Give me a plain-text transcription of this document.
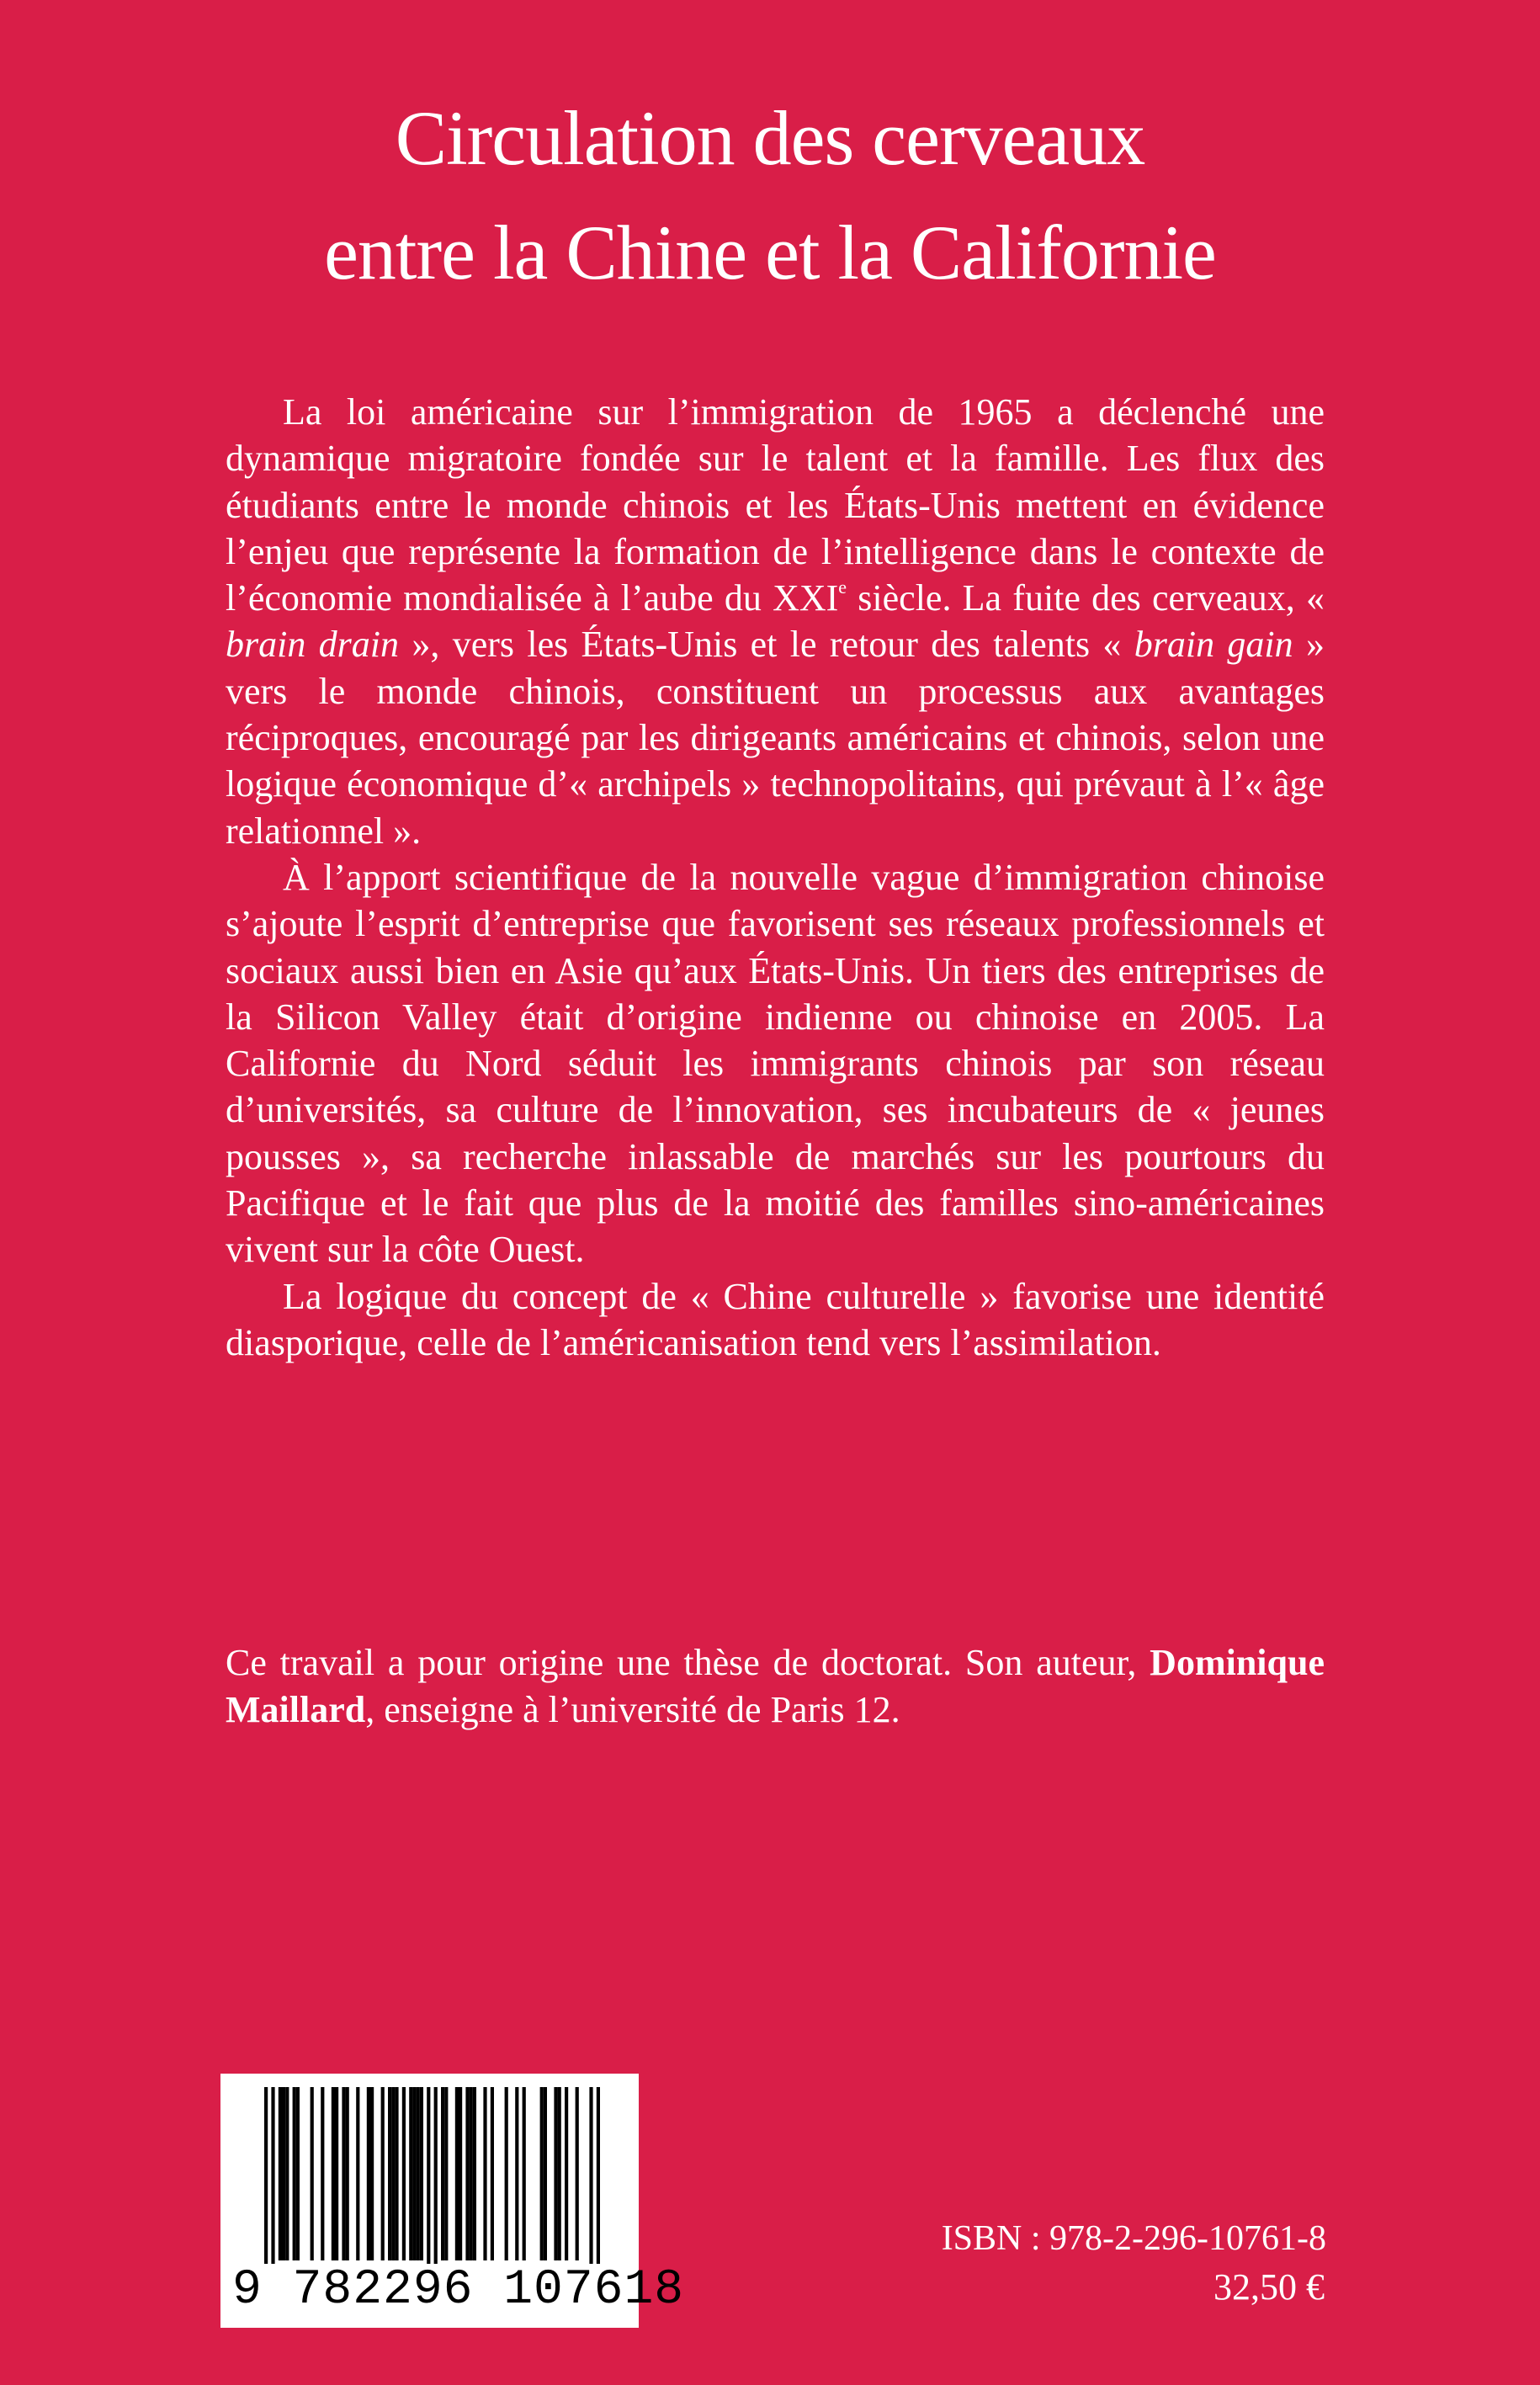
Circulation des cerveaux
entre la Chine et la Californie

La loi américaine sur l’immigration de 1965 a déclenché une dynamique migratoire fondée sur le talent et la famille. Les flux des étudiants entre le monde chinois et les États-Unis mettent en évidence l’enjeu que représente la formation de l’intelligence dans le contexte de l’économie mondialisée à l’aube du XXIe siècle. La fuite des cerveaux, « brain drain », vers les États-Unis et le retour des talents « brain gain » vers le monde chinois, constituent un processus aux avantages réciproques, encouragé par les dirigeants américains et chinois, selon une logique économique d’« archipels » technopolitains, qui prévaut à l’« âge relationnel ».

À l’apport scientifique de la nouvelle vague d’immigration chinoise s’ajoute l’esprit d’entreprise que favorisent ses réseaux professionnels et sociaux aussi bien en Asie qu’aux États-Unis. Un tiers des entreprises de la Silicon Valley était d’origine indienne ou chinoise en 2005. La Californie du Nord séduit les immigrants chinois par son réseau d’universités, sa culture de l’innovation, ses incubateurs de « jeunes pousses », sa recherche inlassable de marchés sur les pourtours du Pacifique et le fait que plus de la moitié des familles sino-américaines vivent sur la côte Ouest.

La logique du concept de « Chine culturelle » favorise une identité diasporique, celle de l’américanisation tend vers l’assimilation.

Ce travail a pour origine une thèse de doctorat. Son auteur, Dominique Maillard, enseigne à l’université de Paris 12.

9 782296 107618
ISBN : 978-2-296-10761-8
32,50 €
